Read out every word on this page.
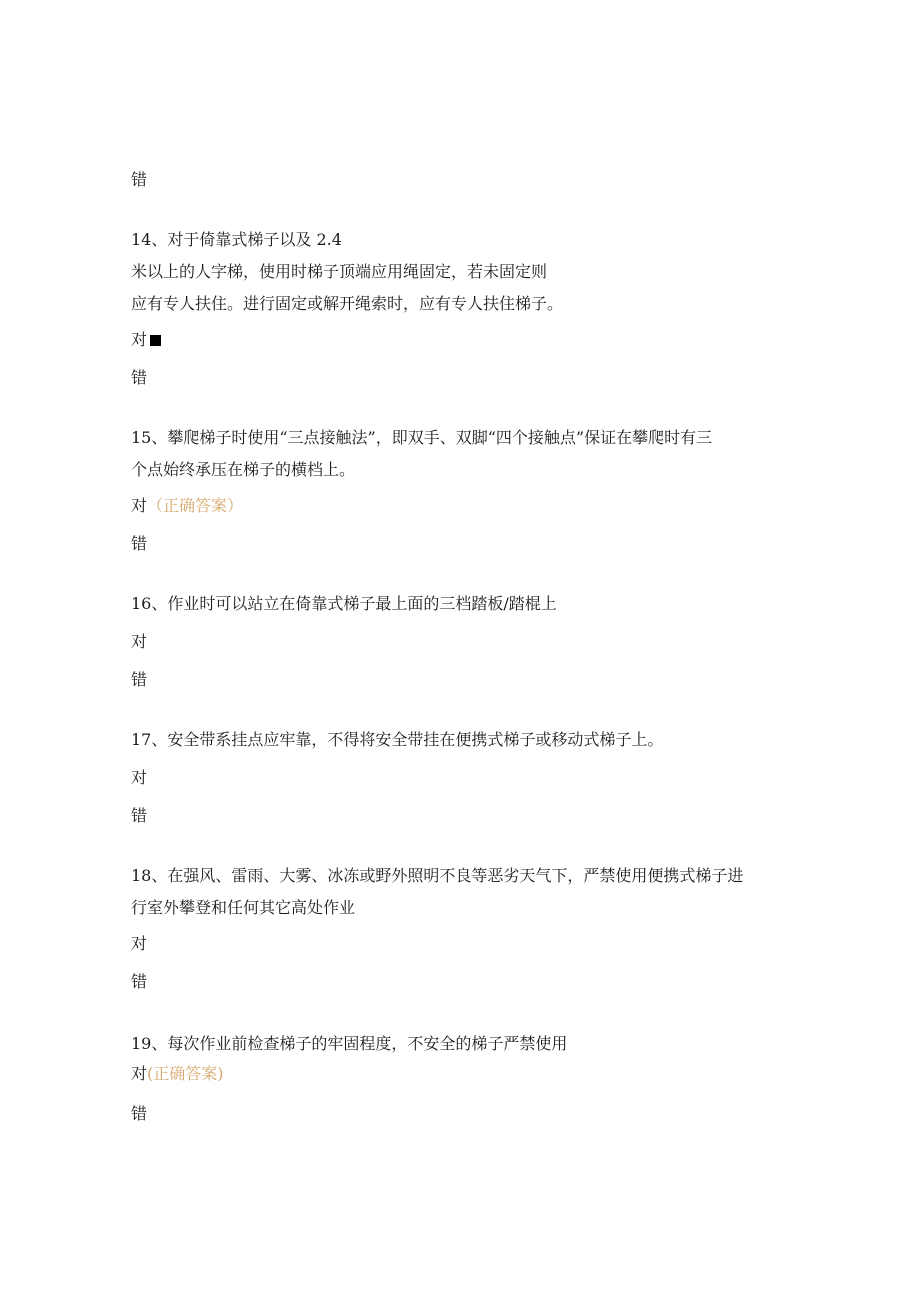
错
14、对于倚靠式梯子以及 2.4
米以上的人字梯，使用时梯子顶端应用绳固定，若未固定则
应有专人扶住。进行固定或解开绳索时，应有专人扶住梯子。
对
错
15、攀爬梯子时使用“三点接触法”，即双手、双脚“四个接触点”保证在攀爬时有三
个点始终承压在梯子的横档上。
对（正确答案）
错
16、作业时可以站立在倚靠式梯子最上面的三档踏板/踏棍上
对
错
17、安全带系挂点应牢靠，不得将安全带挂在便携式梯子或移动式梯子上。
对
错
18、在强风、雷雨、大雾、冰冻或野外照明不良等恶劣天气下，严禁使用便携式梯子进
行室外攀登和任何其它高处作业
对
错
19、每次作业前检查梯子的牢固程度，不安全的梯子严禁使用
对(正确答案)
错
